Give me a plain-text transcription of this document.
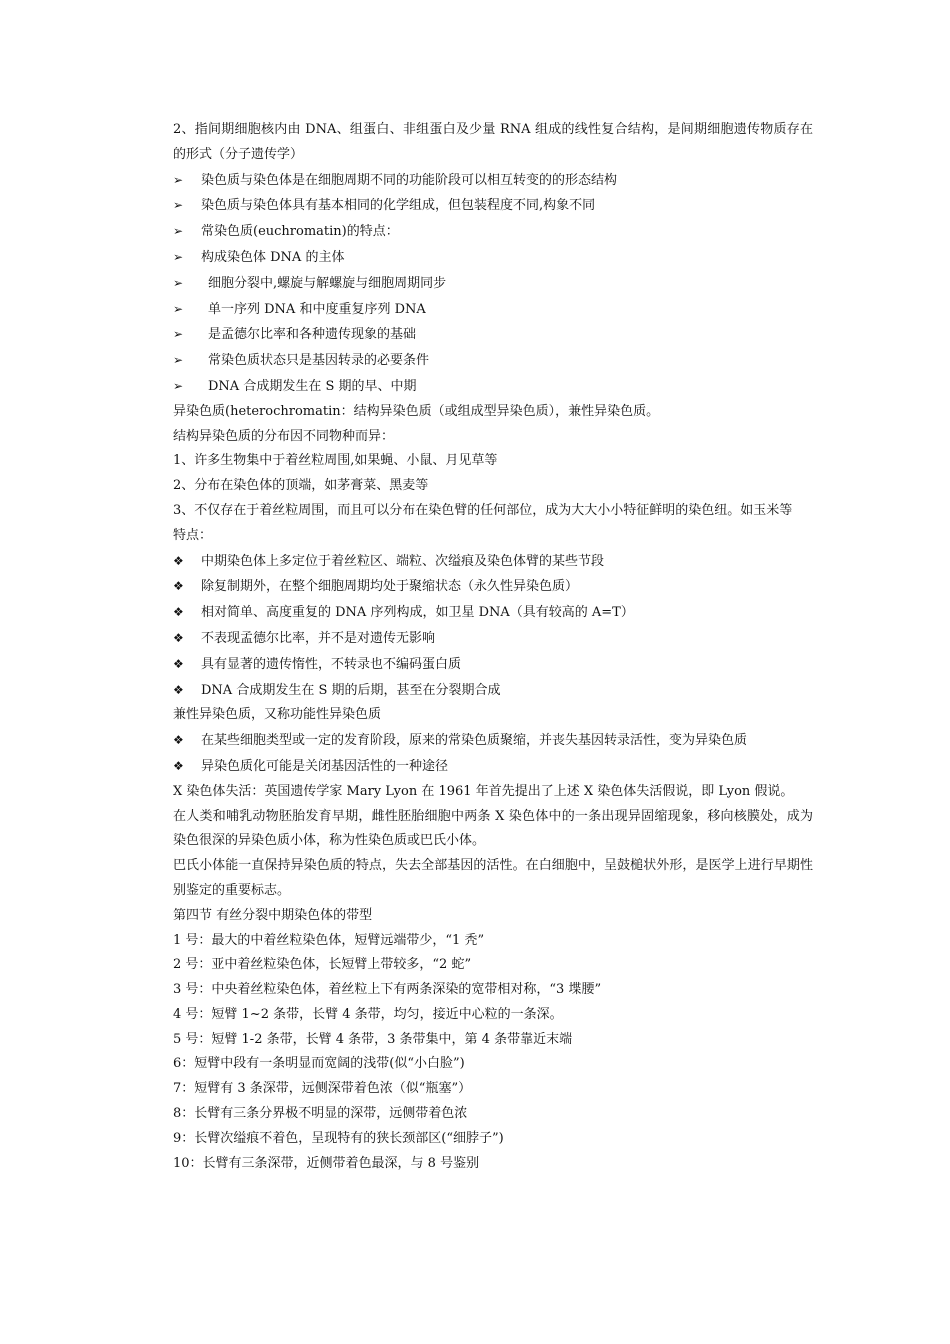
2、指间期细胞核内由 DNA、组蛋白、非组蛋白及少量 RNA 组成的线性复合结构，是间期细胞遗传物质存在的形式（分子遗传学）

➢	染色质与染色体是在细胞周期不同的功能阶段可以相互转变的的形态结构
➢	染色质与染色体具有基本相同的化学组成，但包装程度不同,构象不同
➢	常染色质(euchromatin)的特点：
➢	构成染色体 DNA 的主体
➢	细胞分裂中,螺旋与解螺旋与细胞周期同步
➢	单一序列 DNA 和中度重复序列 DNA
➢	是孟德尔比率和各种遗传现象的基础
➢	常染色质状态只是基因转录的必要条件
➢	DNA 合成期发生在 S 期的早、中期

异染色质(heterochromatin：结构异染色质（或组成型异染色质），兼性异染色质。

结构异染色质的分布因不同物种而异：

1、许多生物集中于着丝粒周围,如果蝇、小鼠、月见草等

2、分布在染色体的顶端，如茅膏菜、黑麦等

3、不仅存在于着丝粒周围，而且可以分布在染色臂的任何部位，成为大大小小特征鲜明的染色纽。如玉米等

特点：

❖	中期染色体上多定位于着丝粒区、端粒、次缢痕及染色体臂的某些节段
❖	除复制期外，在整个细胞周期均处于聚缩状态（永久性异染色质）
❖	相对简单、高度重复的 DNA 序列构成，如卫星 DNA（具有较高的 A=T）
❖	不表现孟德尔比率，并不是对遗传无影响
❖	具有显著的遗传惰性，不转录也不编码蛋白质
❖	DNA 合成期发生在 S 期的后期，甚至在分裂期合成

兼性异染色质，又称功能性异染色质

❖	在某些细胞类型或一定的发育阶段，原来的常染色质聚缩，并丧失基因转录活性，变为异染色质
❖	异染色质化可能是关闭基因活性的一种途径

X 染色体失活：英国遗传学家 Mary Lyon 在 1961 年首先提出了上述 X 染色体失活假说，即 Lyon 假说。

在人类和哺乳动物胚胎发育早期，雌性胚胎细胞中两条 X 染色体中的一条出现异固缩现象，移向核膜处，成为染色很深的异染色质小体，称为性染色质或巴氏小体。

巴氏小体能一直保持异染色质的特点，失去全部基因的活性。在白细胞中，呈鼓槌状外形，是医学上进行早期性别鉴定的重要标志。

第四节 有丝分裂中期染色体的带型

1 号：最大的中着丝粒染色体，短臂远端带少，“1 秃”

2 号：亚中着丝粒染色体，长短臂上带较多，“2 蛇”

3 号：中央着丝粒染色体，着丝粒上下有两条深染的宽带相对称，“3 堞腰”

4 号：短臂 1~2 条带，长臂 4 条带，均匀，接近中心粒的一条深。

5 号：短臂 1-2 条带，长臂 4 条带，3 条带集中，第 4 条带靠近末端

6：短臂中段有一条明显而宽阔的浅带(似“小白脸”)

7：短臂有 3 条深带，远侧深带着色浓（似“瓶塞”）

8：长臂有三条分界极不明显的深带，远侧带着色浓

9：长臂次缢痕不着色，呈现特有的狭长颈部区(“细脖子”)

10：长臂有三条深带，近侧带着色最深，与 8 号鉴别
